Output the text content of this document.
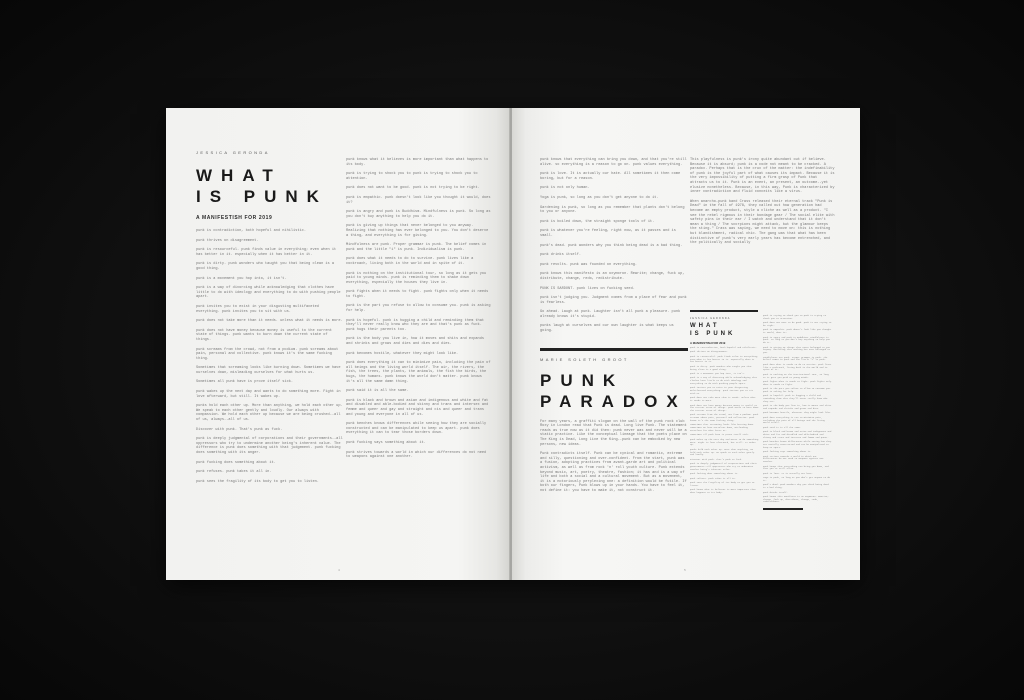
JESSICA GERONDA
WHAT
IS PUNK
A MANIFESTISH FOR 2019

punk is contradiction, both hopeful and nihilistic.

punk thrives on disagreement.

punk is resourceful. punk finds value in everything; even when it has better in it. especially when it has better in it.

punk is dirty. punk wonders who taught you that being clean is a good thing.

punk is a movement you hop into, it isn't.

punk is a way of divorcing while acknowledging that clothes have little to do with ideology and everything to do with pushing people apart.

punk invites you to exist in your disgusting multifaceted everything. punk invites you to sit with us.

punk does not take more than it needs. unless what it needs is more.

punk does not have money because money is useful to the current state of things. punk wants to burn down the current state of things.

punk screams from the crowd, not from a podium. punk screams about pain, personal and collective. punk knows it's the same fucking thing.

Sometimes that screaming looks like burning down. Sometimes we have ourselves down, misleading ourselves for what hurts us.

Sometimes all punk have is prove itself sick.

punk wakes up the next day and wants to do something more. Fight in love afterward, but still. It wakes up.

punks hold each other up. More than anything, we hold each other up. We speak to each other gently and loudly. Our always with compassion. We hold each other up because we are being crushed--all of us, always--all of us.

Discover with punk. That's punk as fuck.

punk is deeply judgmental of corporations and their governments--all oppressors who try to undermine another being's inherent value. The difference is punk does something with that judgement. punk fucking does something with its anger.

punk fucking does something about it.

punk refuses. punk takes it all in.

punk sees the fragility of its body to get you to listen.

punk knows what it believes is more important than what happens to its body.

punk is trying to shock you to punk is trying to shock you to attention.

punk does not want to be good. punk is not trying to be right.

punk is empathic. punk doesn't look like you thought it would, does it?

punk is angry and punk is Buddhism. Mindfulness is punk. So long as you don't buy anything to help you do it.

punk is giving up things that never belonged to you anyway. Realizing that nothing has ever belonged to you. You don't deserve a thing, and everything is for giving.

Mindfulness are punk. Proper grammar is punk. The belief comes in punk and the little "i" is punk. Individualism is punk.

punk does what it needs to do to survive. punk lives like a cockroach, living both in the world and in spite of it.

punk is nothing on the institutional tour, so long as it gets you paid to young minds. punk is reminding them to shake down everything, especially the houses they live in.

punk fights when it needs to fight. punk fights only when it needs to fight.

punk is the part you refuse to allow to consume you. punk is asking for help.

punk is hopeful. punk is hugging a child and reminding them that they'll never really know who they are and that's punk as fuck. punk hugs their parents too.

punk is the body you live in, how it moves and shits and expands and shrinks and grows and dies and dies and dies.

punk becomes hostile, whatever they might look like.

punk does everything it can to minimize pain, including the pain of all beings and the living world itself. The air, the rivers, the fish, the trees, the plants, the animals, the fish the birds, the bugs, the humans. punk knows the world don't matter. punk knows it's all the same damn thing.

punk said it is all the same.

punk is black and brown and asian and indigenous and white and fat and disabled and able-bodied and skinny and trans and intersex and femme and queer and gay and straight and cis and queer and trans and young and everyone in all of us.

punk benches knows differences while seeing how they are socially constructed and can be manipulated to keep us apart. punk does everything it can to tear those borders down.

punk fucking says something about it.

punk strives towards a world in which our differences do not need to weapons against one another.

4

punk knows that everything can bring you down, and that you're still alive. so everything is a reason to go on. punk values everything.

punk is love. It is actually our hate. All sometimes it then come boring, but for a reason.

punk is not only human.

Yoga is punk, so long as you don't get anyone to do it.

Gardening is punk, so long as you remember that plants don't belong to you or anyone.

punk is boiled down, the straight sponge tools of it.

punk is whatever you're feeling, right now, as it passes and is small.

punk's dead. punk wonders why you think being dead is a bad thing.

punk drinks itself.

punk revolts. punk was founded on everything.

punk knows this manifesto is an oxymoron. Rewrite; change, fuck up, distribute, change, redo, redistribute.

PUNK IS SARDONT. punk lives on fucking seed.

punk isn't judging you. Judgment comes from a place of fear and punk is fearless.

Go ahead. Laugh at punk. Laughter isn't all punk a pleasure. punk already knows it's stupid.

punks laugh at ourselves and our own laughter is what keeps us going.

MARIE SOLETH GROOT
PUNK
PARADOX

For many years, a graffiti slogan on the wall of the punk rock club Roxy in London read that Punk is dead. Long live Punk. The statement reads as true now as it did then: punk never was and never will be a static practice. Like the conceptual lineage that the poets place on The King is Dead, Long Live the King--punk can be embodied by new persons, new ideas.

Punk contradicts itself. Punk can be cynical and romantic, extreme and silly, questioning and over-confident. From the start, punk was a fusion, adopting practices from avant-garde art and political activism, as well as from rock 'n' roll youth culture. Punk extends beyond music, art, poetry, theatre, fashion; it has and is a way of life and both a social and a cultural movement. But as a movement, it is a notoriously perplexing one: a definition would be futile. If both our fingers, Punk blows up in your hands. You have to feel it, not define it: you have to make it, not construct it.

This playfulness is punk's irony quite abundant out if believe. Because it is absurd; punk is a code not meant to be cracked. A paradox. Perhaps that is the crux of the matter: the indefinability of punk is the joyful part of what causes its impact. Because it is the very impossibility of putting a firm grasp of Punk that attracts us to it. Punk is an event, an present, an outcome--yet elusive nonetheless. Because, in this way, Punk is characterized by inner contradiction and fluid conceits like a virus.

When anarcho-punk band Crass released their eternal track "Punk is Dead" in the fall of 1978, they called out how generation had become an empty product, style a cliche as well as a product. "I see the rebel rigmous in their bondage gear / The social elite with safety pins in their ear / I watch and understand that it don't mean a thing / The scorpions might attack, but the glamour keeps the sting." Crass was saying, we need to move on: this is nothing but blandishment, radical chic. The gang was that what has been distinctive of punk's very early years has become entrenched, and the politically and socially

JESSICA GERONDA
WHAT
IS PUNK
A MANIFESTISH FOR 2019

punk is contradiction, both hopeful and nihilistic.

punk thrives on disagreement.

punk is resourceful. punk finds value in everything; even when it has better in it. especially when it has better in it.

punk is dirty. punk wonders who taught you that being clean is a good thing.

punk is a movement you hop into, it isn't.

punk is a way of divorcing while acknowledging that clothes have little to do with ideology and everything to do with pushing people apart.

punk invites you to exist in your disgusting multifaceted everything. punk invites you to sit with us.

punk does not take more than it needs. unless what it needs is more.

punk does not have money because money is useful to the current state of things. punk wants to burn down the current state of things.

punk screams from the crowd, not from a podium. punk screams about pain, personal and collective. punk knows it's the same fucking thing.

Sometimes that screaming looks like burning down. Sometimes we have ourselves down, misleading ourselves for what hurts us.

Sometimes all punk have is prove itself sick.

punk wakes up the next day and wants to do something more. Fight in love afterward, but still. It wakes up.

punks hold each other up. More than anything, we hold each other up. We speak to each other gently and loudly.

Discover with punk. That's punk as fuck.

punk is deeply judgmental of corporations and their governments--all oppressors who try to undermine another being's inherent value.

punk fucking does something about it.

punk refuses. punk takes it all in.

punk sees the fragility of its body to get you to listen.

punk knows what it believes is more important than what happens to its body.

punk is trying to shock you to punk is trying to shock you to attention.

punk does not want to be good. punk is not trying to be right.

punk is empathic. punk doesn't look like you thought it would, does it?

punk is angry and punk is Buddhism. Mindfulness is punk. So long as you don't buy anything to help you do it.

punk is giving up things that never belonged to you anyway. Realizing that nothing has ever belonged to you.

Mindfulness are punk. Proper grammar is punk. The belief comes in punk and the little "i" is punk.

punk does what it needs to do to survive. punk lives like a cockroach, living both in the world and in spite of it.

punk is nothing on the institutional tour, so long as it gets you paid to young minds.

punk fights when it needs to fight. punk fights only when it needs to fight.

punk is the part you refuse to allow to consume you. punk is asking for help.

punk is hopeful. punk is hugging a child and reminding them that they'll never really know who they are.

punk is the body you live in, how it moves and shits and expands and shrinks and grows and dies.

punk becomes hostile, whatever they might look like.

punk does everything it can to minimize pain, including the pain of all beings and the living world itself.

punk said it is all the same.

punk is black and brown and asian and indigenous and white and fat and disabled and able-bodied and skinny and trans and intersex and femme and queer.

punk benches knows differences while seeing how they are socially constructed and can be manipulated to keep us apart.

punk fucking says something about it.

punk strives towards a world in which our differences do not need to weapons against one another.

punk knows that everything can bring you down, and that you're still alive.

punk is love. It is actually our hate.

Yoga is punk, so long as you don't get anyone to do it.

punk's dead. punk wonders why you think being dead is a bad thing.

punk drinks itself.

punk knows this manifesto is an oxymoron. Rewrite; change, fuck up, distribute, change, redo, redistribute.

5
